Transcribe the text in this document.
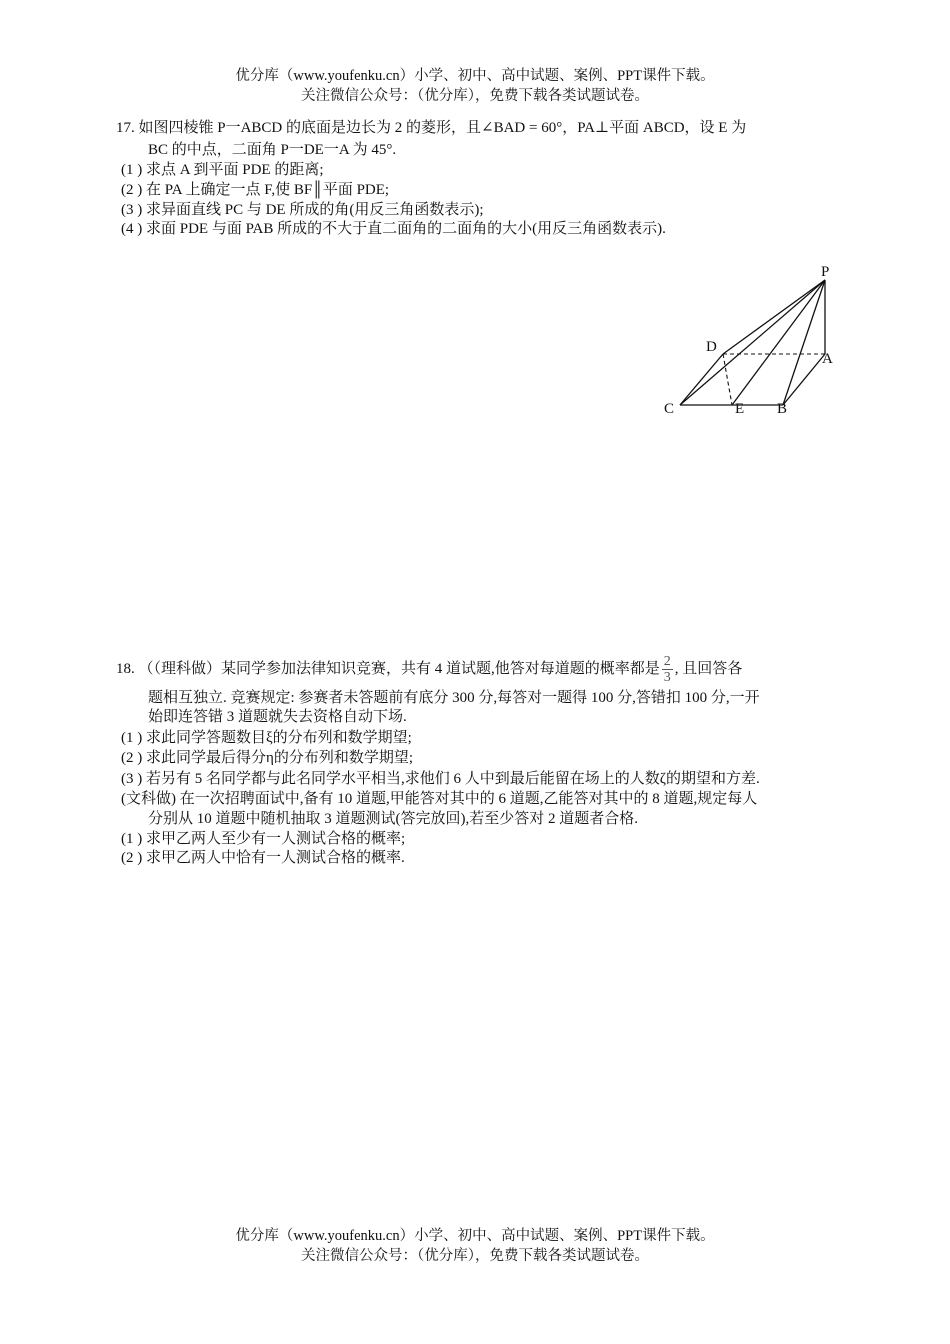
优分库（www.youfenku.cn）小学、初中、高中试题、案例、PPT课件下载。
关注微信公众号：（优分库），免费下载各类试题试卷。
17. 如图四棱锥 P一ABCD 的底面是边长为 2 的菱形，且∠BAD = 60°，PA⊥平面 ABCD，设 E 为
BC 的中点，二面角 P一DE一A 为 45°.
(1 ) 求点 A 到平面 PDE 的距离;
(2 ) 在 PA 上确定一点 F,使 BF║平面 PDE;
(3 ) 求异面直线 PC 与 DE 所成的角(用反三角函数表示);
(4 ) 求面 PDE 与面 PAB 所成的不大于直二面角的二面角的大小(用反三角函数表示).
P
D
A
C	E B
18. （（理科做）某同学参加法律知识竞赛，共有 4 道试题,他答对每道题的概率都是 $\frac{2}{3}$ , 且回答各
题相互独立. 竞赛规定: 参赛者未答题前有底分 300 分,每答对一题得 100 分,答错扣 100 分,一开
始即连答错 3 道题就失去资格自动下场.
(1 ) 求此同学答题数目ξ的分布列和数学期望;
(2 ) 求此同学最后得分η的分布列和数学期望;
(3 ) 若另有 5 名同学都与此名同学水平相当,求他们 6 人中到最后能留在场上的人数ζ的期望和方差.
(文科做) 在一次招聘面试中,备有 10 道题,甲能答对其中的 6 道题,乙能答对其中的 8 道题,规定每人
分别从 10 道题中随机抽取 3 道题测试(答完放回),若至少答对 2 道题者合格.
(1 ) 求甲乙两人至少有一人测试合格的概率;
(2 ) 求甲乙两人中恰有一人测试合格的概率.
优分库（www.youfenku.cn）小学、初中、高中试题、案例、PPT课件下载。
关注微信公众号：（优分库），免费下载各类试题试卷。
